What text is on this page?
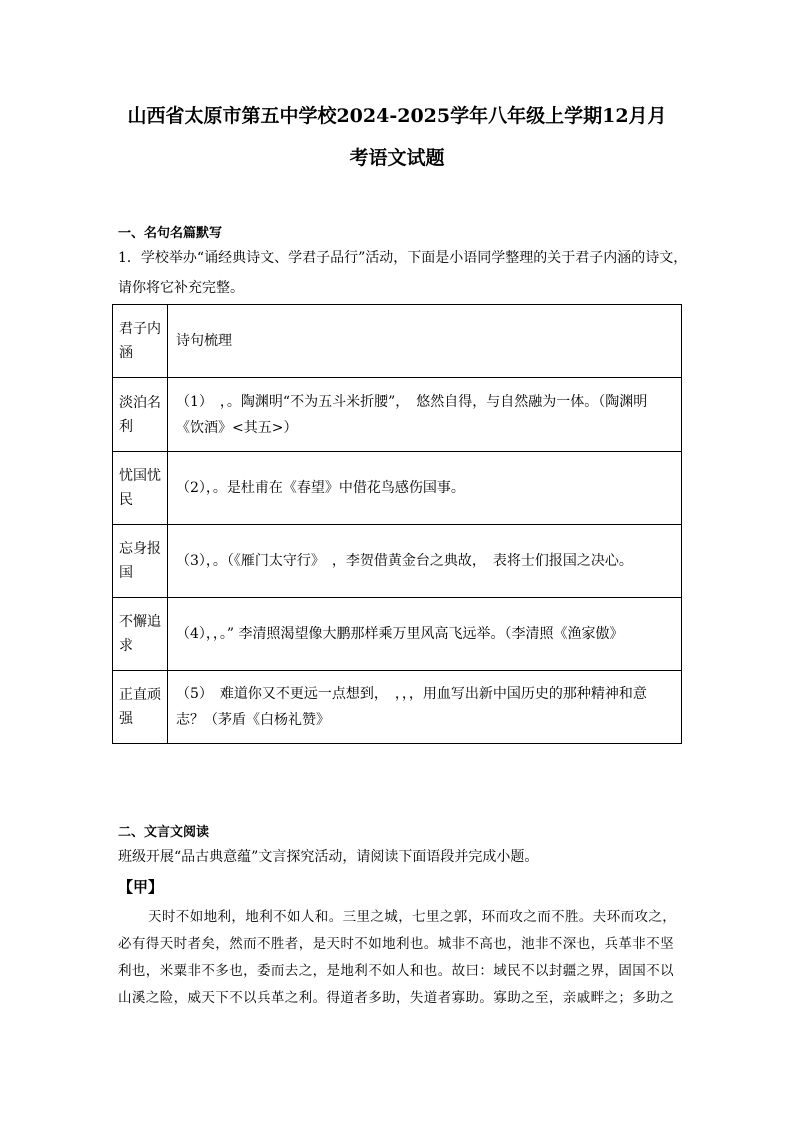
山西省太原市第五中学校2024-2025学年八年级上学期12月月
考语文试题
一、名句名篇默写
1．学校举办“诵经典诗文、学君子品行”活动，下面是小语同学整理的关于君子内涵的诗文，
请你将它补充完整。
君子内涵	诗句梳理
淡泊名利	（1）　，。陶渊明“不为五斗米折腰”，　悠然自得，与自然融为一体。（陶渊明《饮酒》<其五>）
忧国忧民	（2），。是杜甫在《春望》中借花鸟感伤国事。
忘身报国	（3），。（《雁门太守行》　，李贺借黄金台之典故，　表将士们报国之决心。
不懈追求	（4），，。” 李清照渴望像大鹏那样乘万里风高飞远举。（李清照《渔家傲》
正直顽强	（5）　难道你又不更远一点想到，　，，，用血写出新中国历史的那种精神和意志？（茅盾《白杨礼赞》
二、文言文阅读
班级开展“品古典意蕴”文言探究活动，请阅读下面语段并完成小题。
【甲】
天时不如地利，地利不如人和。三里之城，七里之郭，环而攻之而不胜。夫环而攻之，必有得天时者矣，然而不胜者，是天时不如地利也。城非不高也，池非不深也，兵革非不坚利也，米粟非不多也，委而去之，是地利不如人和也。故曰：域民不以封疆之界，固国不以山溪之险，威天下不以兵革之利。得道者多助，失道者寡助。寡助之至，亲戚畔之；多助之
